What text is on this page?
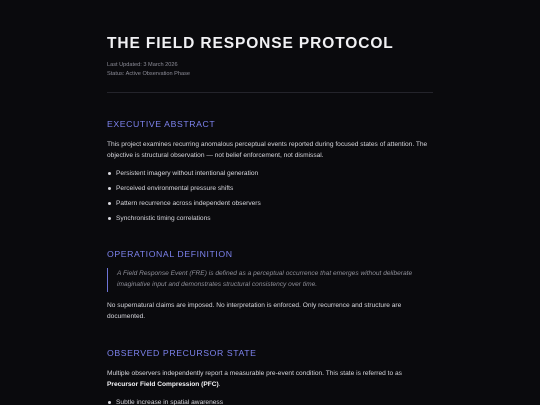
THE FIELD RESPONSE PROTOCOL
Last Updated: 3 March 2026
Status: Active Observation Phase
EXECUTIVE ABSTRACT

This project examines recurring anomalous perceptual events reported during focused states of attention. The objective is structural observation — not belief enforcement, not dismissal.

Persistent imagery without intentional generation
Perceived environmental pressure shifts
Pattern recurrence across independent observers
Synchronistic timing correlations
OPERATIONAL DEFINITION

A Field Response Event (FRE) is defined as a perceptual occurrence that emerges without deliberate imaginative input and demonstrates structural consistency over time.

No supernatural claims are imposed. No interpretation is enforced. Only recurrence and structure are documented.

OBSERVED PRECURSOR STATE

Multiple observers independently report a measurable pre-event condition. This state is referred to as Precursor Field Compression (PFC).

Subtle increase in spatial awareness
